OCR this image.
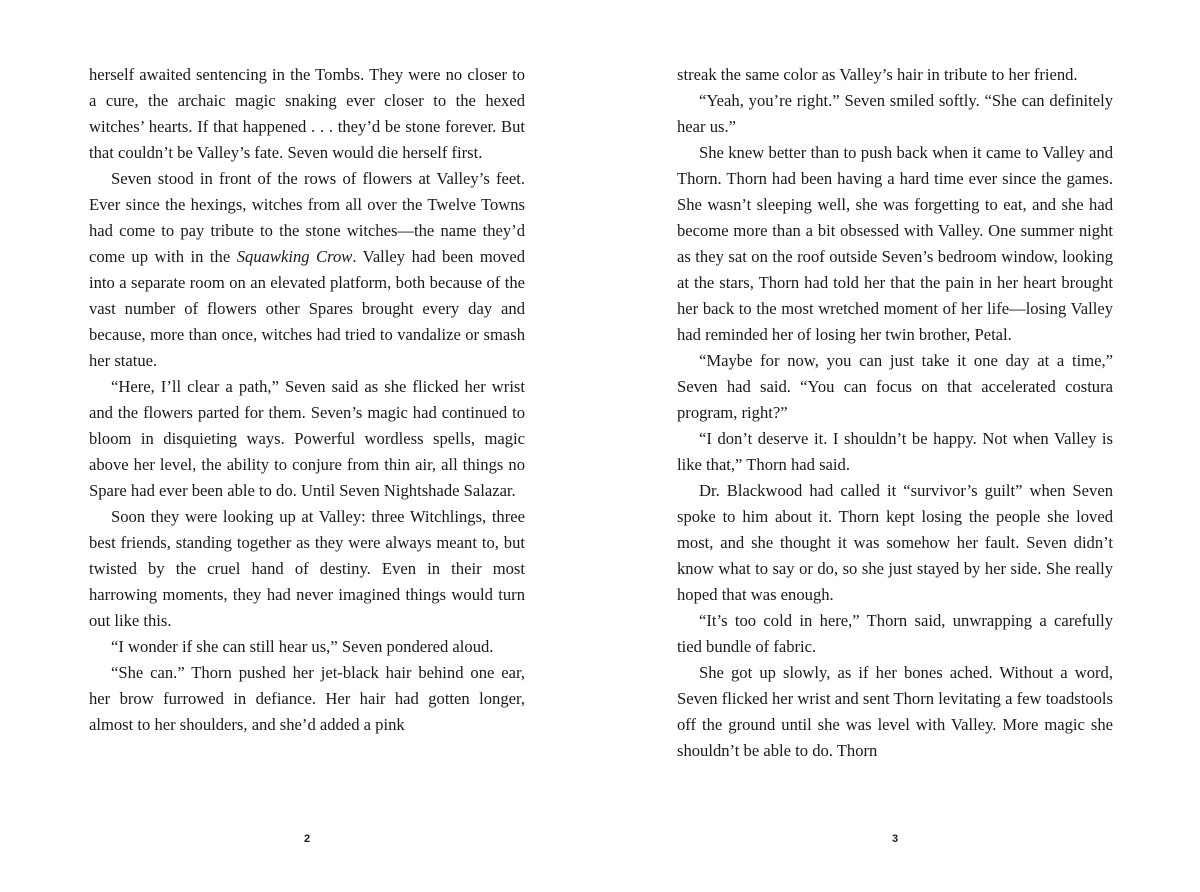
herself awaited sentencing in the Tombs. They were no closer to a cure, the archaic magic snaking ever closer to the hexed witches’ hearts. If that happened . . . they’d be stone forever. But that couldn’t be Valley’s fate. Seven would die herself first.

Seven stood in front of the rows of flowers at Valley’s feet. Ever since the hexings, witches from all over the Twelve Towns had come to pay tribute to the stone witches—the name they’d come up with in the Squawking Crow. Valley had been moved into a separate room on an elevated platform, both because of the vast number of flowers other Spares brought every day and because, more than once, witches had tried to vandalize or smash her statue.

“Here, I’ll clear a path,” Seven said as she flicked her wrist and the flowers parted for them. Seven’s magic had continued to bloom in disquieting ways. Powerful wordless spells, magic above her level, the ability to conjure from thin air, all things no Spare had ever been able to do. Until Seven Nightshade Salazar.

Soon they were looking up at Valley: three Witchlings, three best friends, standing together as they were always meant to, but twisted by the cruel hand of destiny. Even in their most harrowing moments, they had never imagined things would turn out like this.

“I wonder if she can still hear us,” Seven pondered aloud.

“She can.” Thorn pushed her jet-black hair behind one ear, her brow furrowed in defiance. Her hair had gotten longer, almost to her shoulders, and she’d added a pink

streak the same color as Valley’s hair in tribute to her friend.

“Yeah, you’re right.” Seven smiled softly. “She can definitely hear us.”

She knew better than to push back when it came to Valley and Thorn. Thorn had been having a hard time ever since the games. She wasn’t sleeping well, she was forgetting to eat, and she had become more than a bit obsessed with Valley. One summer night as they sat on the roof outside Seven’s bedroom window, looking at the stars, Thorn had told her that the pain in her heart brought her back to the most wretched moment of her life—losing Valley had reminded her of losing her twin brother, Petal.

“Maybe for now, you can just take it one day at a time,” Seven had said. “You can focus on that accelerated costura program, right?”

“I don’t deserve it. I shouldn’t be happy. Not when Valley is like that,” Thorn had said.

Dr. Blackwood had called it “survivor’s guilt” when Seven spoke to him about it. Thorn kept losing the people she loved most, and she thought it was somehow her fault. Seven didn’t know what to say or do, so she just stayed by her side. She really hoped that was enough.

“It’s too cold in here,” Thorn said, unwrapping a carefully tied bundle of fabric.

She got up slowly, as if her bones ached. Without a word, Seven flicked her wrist and sent Thorn levitating a few toadstools off the ground until she was level with Valley. More magic she shouldn’t be able to do. Thorn

2	3
